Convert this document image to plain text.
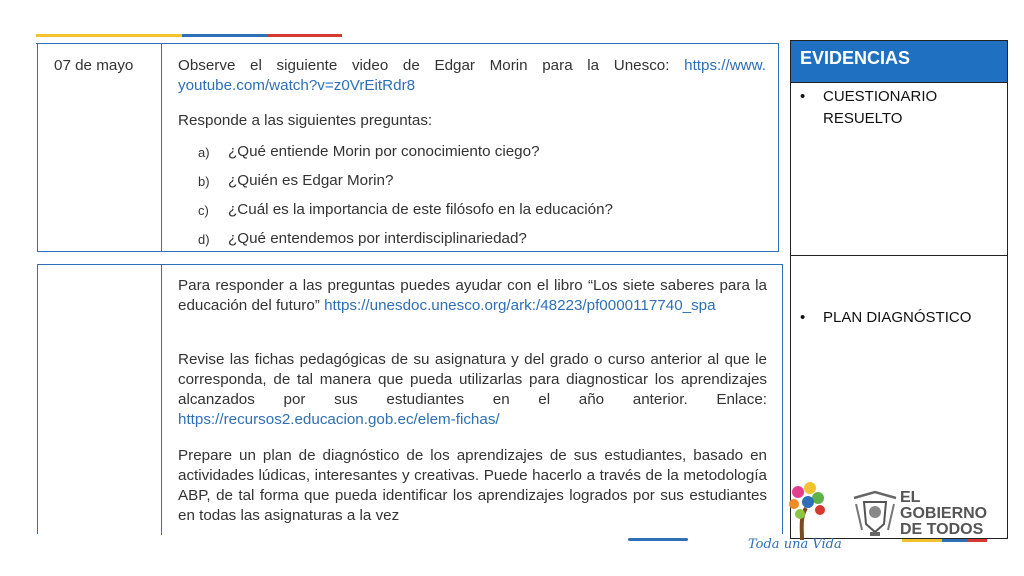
07 de mayo	Observe el siguiente video de Edgar Morin para la Unesco: https://www.
youtube.com/watch?v=z0VrEitRdr8
Responde a las siguientes preguntas:
a) ¿Qué entiende Morin por conocimiento ciego?
b) ¿Quién es Edgar Morin?
c) ¿Cuál es la importancia de este filósofo en la educación?
d) ¿Qué entendemos por interdisciplinariedad?
Para responder a las preguntas puedes ayudar con el libro “Los siete saberes para la educación del futuro” https://unesdoc.unesco.org/ark:/48223/pf0000117740_spa
Revise las fichas pedagógicas de su asignatura y del grado o curso anterior al que le corresponda, de tal manera que pueda utilizarlas para diagnosticar los aprendizajes alcanzados por sus estudiantes en el año anterior. Enlace: https://recursos2.educacion.gob.ec/elem-fichas/
Prepare un plan de diagnóstico de los aprendizajes de sus estudiantes, basado en actividades lúdicas, interesantes y creativas. Puede hacerlo a través de la metodología ABP, de tal forma que pueda identificar los aprendizajes logrados por sus estudiantes en todas las asignaturas a la vez
EVIDENCIAS
• CUESTIONARIO
RESUELTO
• PLAN DIAGNÓSTICO
Toda una Vida
EL
GOBIERNO
DE TODOS
